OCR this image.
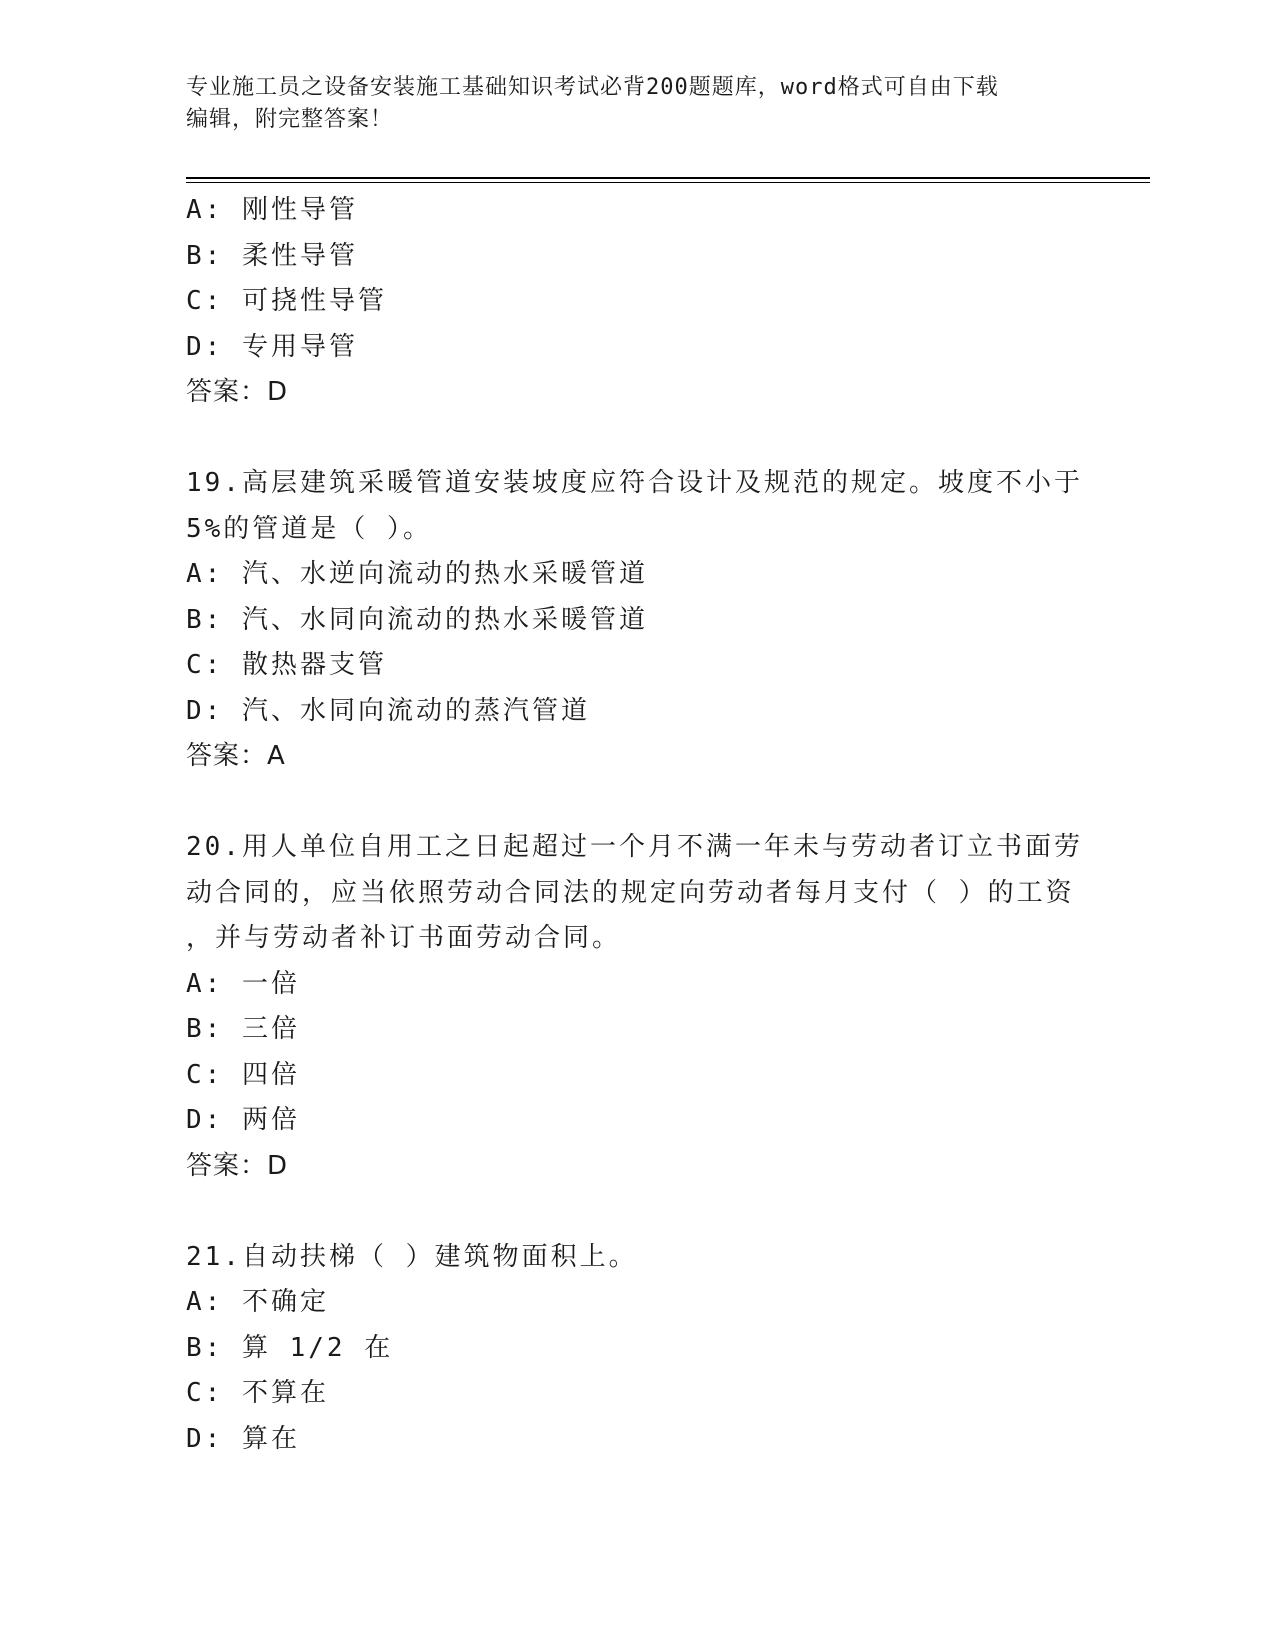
专业施工员之设备安装施工基础知识考试必背200题题库，word格式可自由下载
编辑，附完整答案！
A: 刚性导管
B: 柔性导管
C: 可挠性导管
D: 专用导管
答案：D
19.高层建筑采暖管道安装坡度应符合设计及规范的规定。坡度不小于
5%的管道是（ ）。
A: 汽、水逆向流动的热水采暖管道
B: 汽、水同向流动的热水采暖管道
C: 散热器支管
D: 汽、水同向流动的蒸汽管道
答案：A
20.用人单位自用工之日起超过一个月不满一年未与劳动者订立书面劳
动合同的，应当依照劳动合同法的规定向劳动者每月支付（ ）的工资
，并与劳动者补订书面劳动合同。
A: 一倍
B: 三倍
C: 四倍
D: 两倍
答案：D
21.自动扶梯（ ）建筑物面积上。
A: 不确定
B: 算 1/2 在
C: 不算在
D: 算在
